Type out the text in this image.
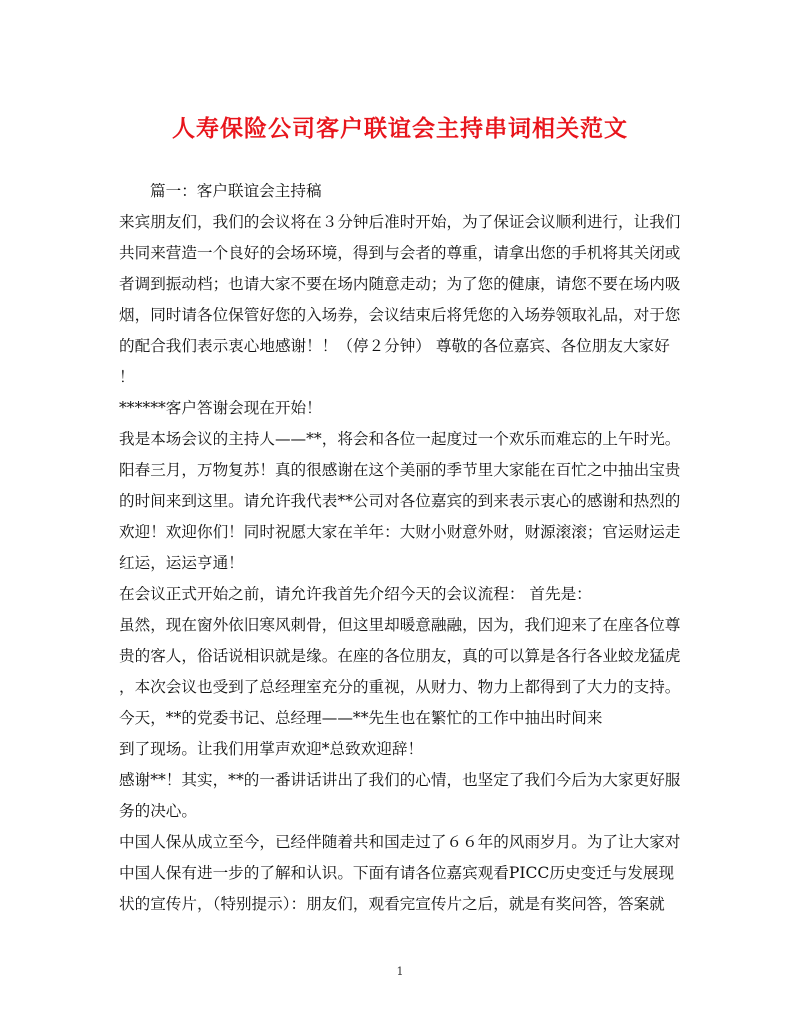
人寿保险公司客户联谊会主持串词相关范文
篇一：客户联谊会主持稿
来宾朋友们，我们的会议将在３分钟后准时开始，为了保证会议顺利进行，让我们
共同来营造一个良好的会场环境，得到与会者的尊重，请拿出您的手机将其关闭或
者调到振动档；也请大家不要在场内随意走动；为了您的健康，请您不要在场内吸
烟，同时请各位保管好您的入场券，会议结束后将凭您的入场券领取礼品，对于您
的配合我们表示衷心地感谢！！（停２分钟） 尊敬的各位嘉宾、各位朋友大家好
！
******客户答谢会现在开始！
我是本场会议的主持人——**，将会和各位一起度过一个欢乐而难忘的上午时光。
阳春三月，万物复苏！真的很感谢在这个美丽的季节里大家能在百忙之中抽出宝贵
的时间来到这里。请允许我代表**公司对各位嘉宾的到来表示衷心的感谢和热烈的
欢迎！欢迎你们！同时祝愿大家在羊年：大财小财意外财，财源滚滚；官运财运走
红运，运运亨通！
在会议正式开始之前，请允许我首先介绍今天的会议流程： 首先是：
虽然，现在窗外依旧寒风刺骨，但这里却暖意融融，因为，我们迎来了在座各位尊
贵的客人，俗话说相识就是缘。在座的各位朋友，真的可以算是各行各业蛟龙猛虎
，本次会议也受到了总经理室充分的重视，从财力、物力上都得到了大力的支持。
今天，**的党委书记、总经理——**先生也在繁忙的工作中抽出时间来
到了现场。让我们用掌声欢迎*总致欢迎辞！
感谢**！其实，**的一番讲话讲出了我们的心情，也坚定了我们今后为大家更好服
务的决心。
中国人保从成立至今，已经伴随着共和国走过了６６年的风雨岁月。为了让大家对
中国人保有进一步的了解和认识。下面有请各位嘉宾观看PICC历史变迁与发展现
状的宣传片，（特别提示）：朋友们，观看完宣传片之后，就是有奖问答，答案就
1
